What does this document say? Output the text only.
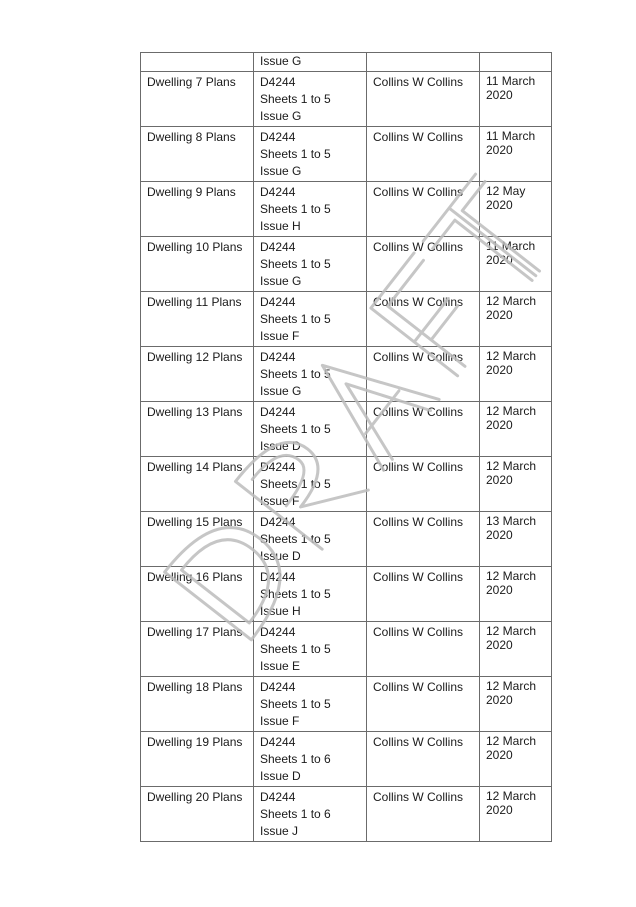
	Issue G		

Dwelling 7 Plans	D4244
Sheets 1 to 5
Issue G	Collins W Collins	11 March
2020

Dwelling 8 Plans	D4244
Sheets 1 to 5
Issue G	Collins W Collins	11 March
2020

Dwelling 9 Plans	D4244
Sheets 1 to 5
Issue H	Collins W Collins	12 May
2020

Dwelling 10 Plans	D4244
Sheets 1 to 5
Issue G	Collins W Collins	11 March
2020

Dwelling 11 Plans	D4244
Sheets 1 to 5
Issue F	Collins W Collins	12 March
2020

Dwelling 12 Plans	D4244
Sheets 1 to 5
Issue G	Collins W Collins	12 March
2020

Dwelling 13 Plans	D4244
Sheets 1 to 5
Issue D	Collins W Collins	12 March
2020

Dwelling 14 Plans	D4244
Sheets 1 to 5
Issue F	Collins W Collins	12 March
2020

Dwelling 15 Plans	D4244
Sheets 1 to 5
Issue D	Collins W Collins	13 March
2020

Dwelling 16 Plans	D4244
Sheets 1 to 5
Issue H	Collins W Collins	12 March
2020

Dwelling 17 Plans	D4244
Sheets 1 to 5
Issue E	Collins W Collins	12 March
2020

Dwelling 18 Plans	D4244
Sheets 1 to 5
Issue F	Collins W Collins	12 March
2020

Dwelling 19 Plans	D4244
Sheets 1 to 6
Issue D	Collins W Collins	12 March
2020

Dwelling 20 Plans	D4244
Sheets 1 to 6
Issue J	Collins W Collins	12 March
2020
